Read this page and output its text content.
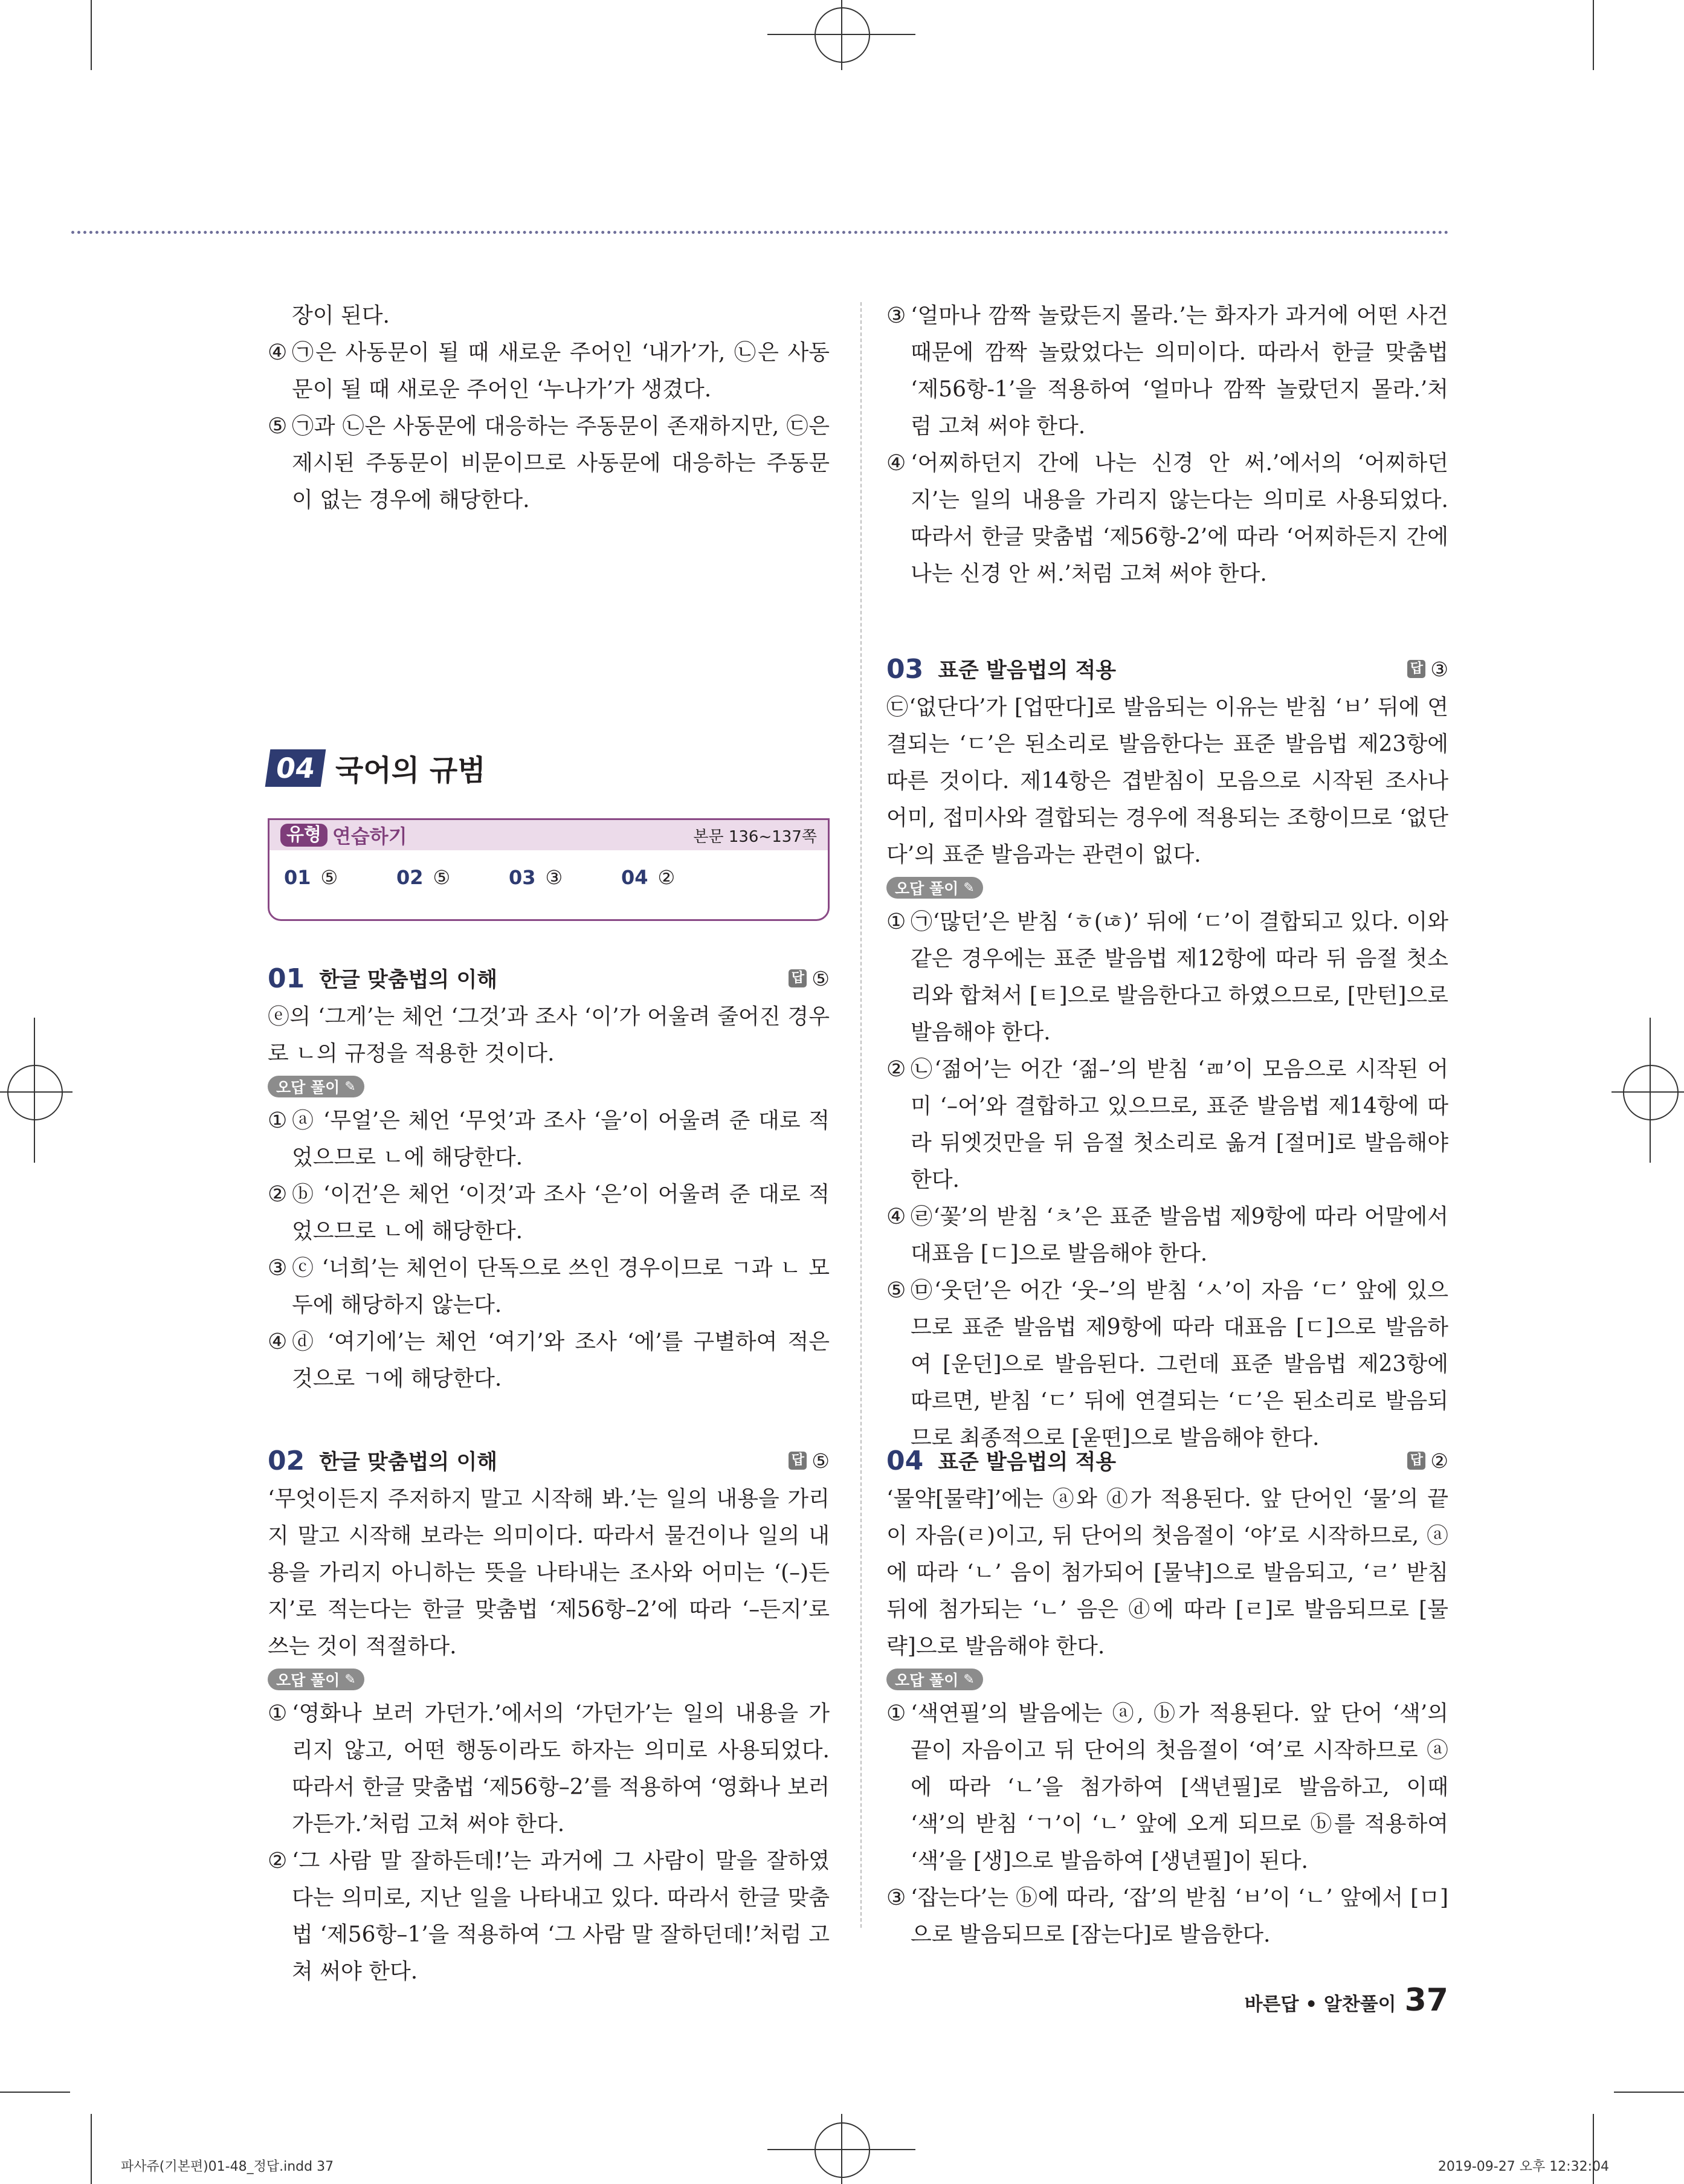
장이 된다.
④ ㉠은 사동문이 될 때 새로운 주어인 ‘내가’가, ㉡은 사동문이 될 때 새로운 주어인 ‘누나가’가 생겼다.
⑤ ㉠과 ㉡은 사동문에 대응하는 주동문이 존재하지만, ㉢은 제시된 주동문이 비문이므로 사동문에 대응하는 주동문이 없는 경우에 해당한다.
③ ‘얼마나 깜짝 놀랐든지 몰라.’는 화자가 과거에 어떤 사건 때문에 깜짝 놀랐었다는 의미이다. 따라서 한글 맞춤법 ‘제56항-1’을 적용하여 ‘얼마나 깜짝 놀랐던지 몰라.’처럼 고쳐 써야 한다.
④ ‘어찌하던지 간에 나는 신경 안 써.’에서의 ‘어찌하던지’는 일의 내용을 가리지 않는다는 의미로 사용되었다. 따라서 한글 맞춤법 ‘제56항-2’에 따라 ‘어찌하든지 간에 나는 신경 안 써.’처럼 고쳐 써야 한다.
04 국어의 규범
유형 연습하기	본문 136~137쪽
01 ⑤	02 ⑤	03 ③	04 ②
01 한글 맞춤법의 이해	답 ⑤

ⓔ의 ‘그게’는 체언 ‘그것’과 조사 ‘이’가 어울려 줄어진 경우로 ㄴ의 규정을 적용한 것이다.

오답 풀이 ✎
① ⓐ ‘무얼’은 체언 ‘무엇’과 조사 ‘을’이 어울려 준 대로 적었으므로 ㄴ에 해당한다.
② ⓑ ‘이건’은 체언 ‘이것’과 조사 ‘은’이 어울려 준 대로 적었으므로 ㄴ에 해당한다.
③ ⓒ ‘너희’는 체언이 단독으로 쓰인 경우이므로 ㄱ과 ㄴ 모두에 해당하지 않는다.
④ ⓓ ‘여기에’는 체언 ‘여기’와 조사 ‘에’를 구별하여 적은 것으로 ㄱ에 해당한다.
02 한글 맞춤법의 이해	답 ⑤

‘무엇이든지 주저하지 말고 시작해 봐.’는 일의 내용을 가리지 말고 시작해 보라는 의미이다. 따라서 물건이나 일의 내용을 가리지 아니하는 뜻을 나타내는 조사와 어미는 ‘(–)든지’로 적는다는 한글 맞춤법 ‘제56항–2’에 따라 ‘–든지’로 쓰는 것이 적절하다.

오답 풀이 ✎
① ‘영화나 보러 가던가.’에서의 ‘가던가’는 일의 내용을 가리지 않고, 어떤 행동이라도 하자는 의미로 사용되었다. 따라서 한글 맞춤법 ‘제56항–2’를 적용하여 ‘영화나 보러 가든가.’처럼 고쳐 써야 한다.
② ‘그 사람 말 잘하든데!’는 과거에 그 사람이 말을 잘하였다는 의미로, 지난 일을 나타내고 있다. 따라서 한글 맞춤법 ‘제56항–1’을 적용하여 ‘그 사람 말 잘하던데!’처럼 고쳐 써야 한다.
03 표준 발음법의 적용	답 ③

㉢‘없단다’가 [업딴다]로 발음되는 이유는 받침 ‘ㅂ’ 뒤에 연결되는 ‘ㄷ’은 된소리로 발음한다는 표준 발음법 제23항에 따른 것이다. 제14항은 겹받침이 모음으로 시작된 조사나 어미, 접미사와 결합되는 경우에 적용되는 조항이므로 ‘없단다’의 표준 발음과는 관련이 없다.

오답 풀이 ✎
① ㉠‘많던’은 받침 ‘ㅎ(ㄶ)’ 뒤에 ‘ㄷ’이 결합되고 있다. 이와 같은 경우에는 표준 발음법 제12항에 따라 뒤 음절 첫소리와 합쳐서 [ㅌ]으로 발음한다고 하였으므로, [만턴]으로 발음해야 한다.
② ㉡‘젊어’는 어간 ‘젊–’의 받침 ‘ㄻ’이 모음으로 시작된 어미 ‘–어’와 결합하고 있으므로, 표준 발음법 제14항에 따라 뒤엣것만을 뒤 음절 첫소리로 옮겨 [절머]로 발음해야 한다.
④ ㉣‘꽃’의 받침 ‘ㅊ’은 표준 발음법 제9항에 따라 어말에서 대표음 [ㄷ]으로 발음해야 한다.
⑤ ㉤‘웃던’은 어간 ‘웃–’의 받침 ‘ㅅ’이 자음 ‘ㄷ’ 앞에 있으므로 표준 발음법 제9항에 따라 대표음 [ㄷ]으로 발음하여 [운던]으로 발음된다. 그런데 표준 발음법 제23항에 따르면, 받침 ‘ㄷ’ 뒤에 연결되는 ‘ㄷ’은 된소리로 발음되므로 최종적으로 [욷떤]으로 발음해야 한다.
04 표준 발음법의 적용	답 ②

‘물약[물략]’에는 ⓐ와 ⓓ가 적용된다. 앞 단어인 ‘물’의 끝이 자음(ㄹ)이고, 뒤 단어의 첫음절이 ‘야’로 시작하므로, ⓐ에 따라 ‘ㄴ’ 음이 첨가되어 [물냑]으로 발음되고, ‘ㄹ’ 받침 뒤에 첨가되는 ‘ㄴ’ 음은 ⓓ에 따라 [ㄹ]로 발음되므로 [물략]으로 발음해야 한다.

오답 풀이 ✎
① ‘색연필’의 발음에는 ⓐ, ⓑ가 적용된다. 앞 단어 ‘색’의 끝이 자음이고 뒤 단어의 첫음절이 ‘여’로 시작하므로 ⓐ에 따라 ‘ㄴ’을 첨가하여 [색년필]로 발음하고, 이때 ‘색’의 받침 ‘ㄱ’이 ‘ㄴ’ 앞에 오게 되므로 ⓑ를 적용하여 ‘색’을 [생]으로 발음하여 [생년필]이 된다.
③ ‘잡는다’는 ⓑ에 따라, ‘잡’의 받침 ‘ㅂ’이 ‘ㄴ’ 앞에서 [ㅁ]으로 발음되므로 [잠는다]로 발음한다.
바른답 • 알찬풀이 37
파사쥬(기본편)01-48_정답.indd 37	2019-09-27 오후 12:32:04
